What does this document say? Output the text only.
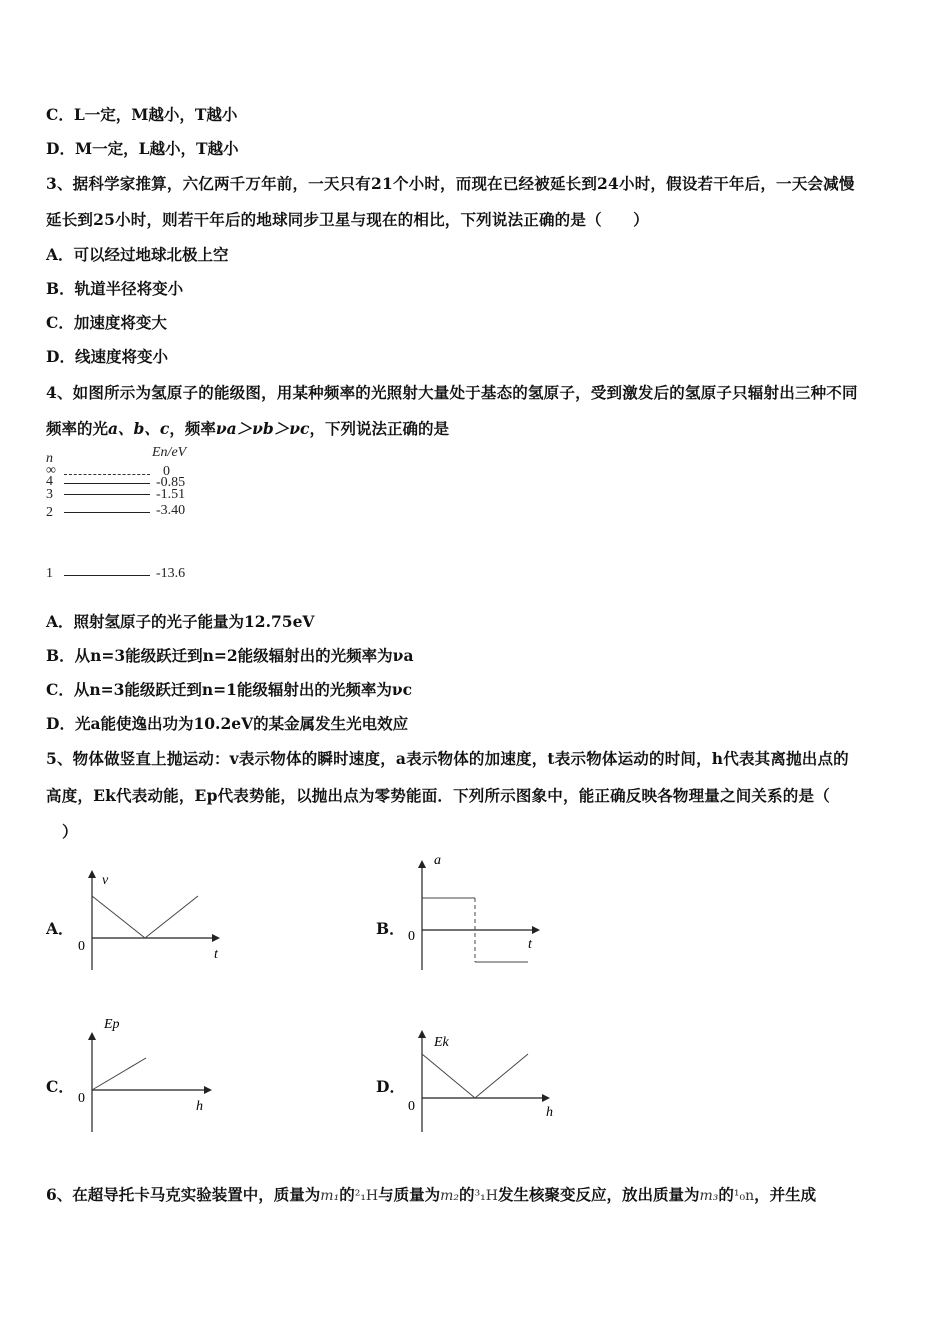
C．L一定，M越小，T越小
D．M一定，L越小，T越小
3、据科学家推算，六亿两千万年前，一天只有21个小时，而现在已经被延长到24小时，假设若干年后，一天会减慢
延长到25小时，则若干年后的地球同步卫星与现在的相比，下列说法正确的是（　　）
A．可以经过地球北极上空
B．轨道半径将变小
C．加速度将变大
D．线速度将变小
4、如图所示为氢原子的能级图，用某种频率的光照射大量处于基态的氢原子，受到激发后的氢原子只辐射出三种不同
频率的光a、b、c，频率νa＞νb＞νc，下列说法正确的是
n	En/eV
∞	0
4	-0.85
3	-1.51
2	-3.40
1	-13.6
A．照射氢原子的光子能量为12.75eV
B．从n=3能级跃迁到n=2能级辐射出的光频率为νa
C．从n=3能级跃迁到n=1能级辐射出的光频率为νc
D．光a能使逸出功为10.2eV的某金属发生光电效应
5、物体做竖直上抛运动：v表示物体的瞬时速度，a表示物体的加速度，t表示物体运动的时间，h代表其离抛出点的
高度，Ek代表动能，Ep代表势能，以抛出点为零势能面．下列所示图象中，能正确反映各物理量之间关系的是（
）
A．
v
0
t
B．
a
0
t
C．
Ep
0
h
D．
Ek
0	h
6、在超导托卡马克实验装置中，质量为m₁的²₁H与质量为m₂的³₁H发生核聚变反应，放出质量为m₃的¹₀n，并生成
